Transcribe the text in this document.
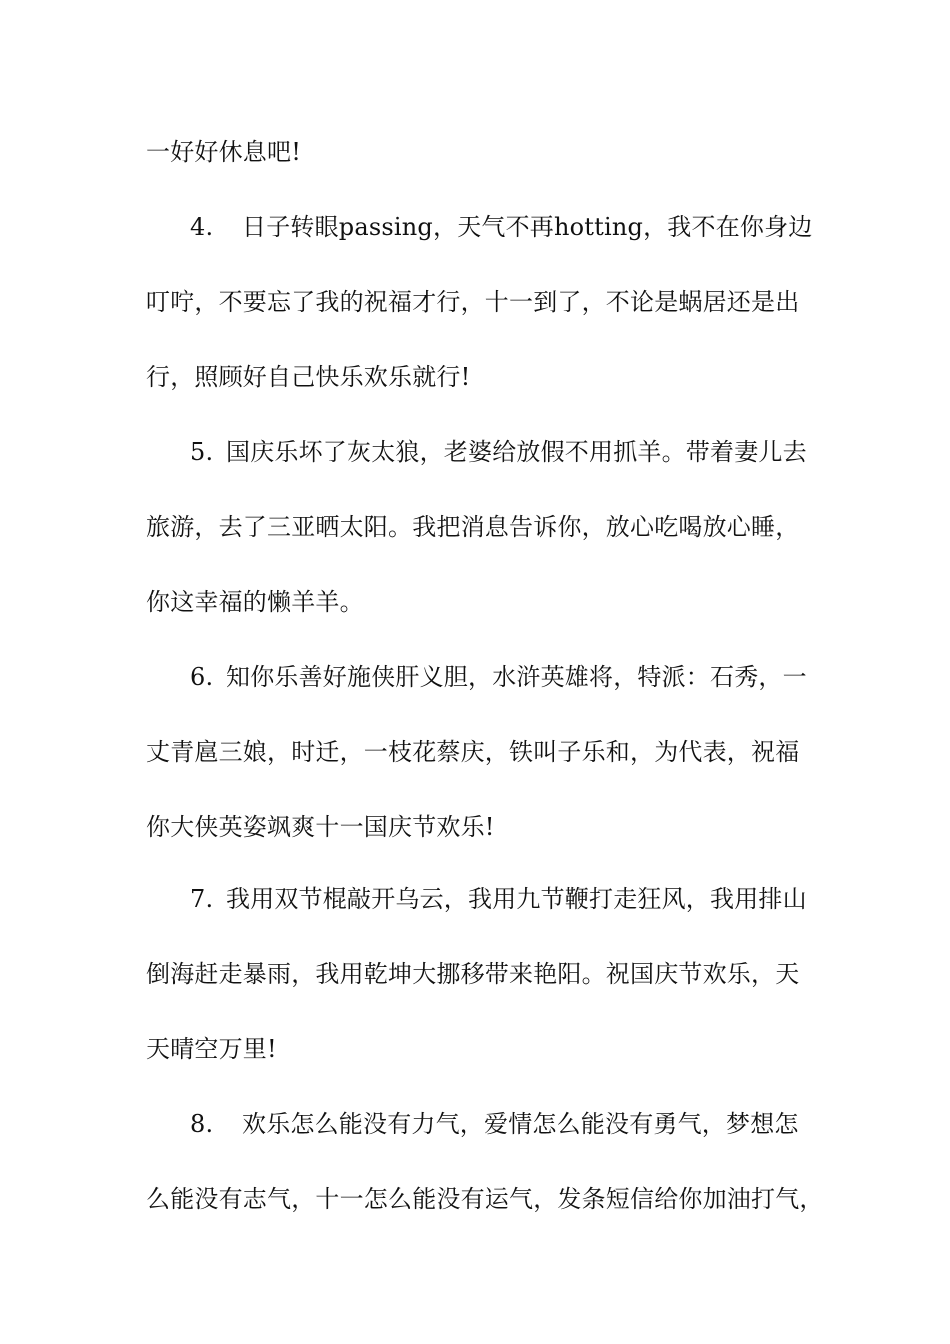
一好好休息吧!
4. 日子转眼passing，天气不再hotting，我不在你身边
叮咛，不要忘了我的祝福才行，十一到了，不论是蜗居还是出
行，照顾好自己快乐欢乐就行!
5. 国庆乐坏了灰太狼，老婆给放假不用抓羊。带着妻儿去
旅游，去了三亚晒太阳。我把消息告诉你，放心吃喝放心睡，
你这幸福的懒羊羊。
6. 知你乐善好施侠肝义胆，水浒英雄将，特派：石秀，一
丈青扈三娘，时迁，一枝花蔡庆，铁叫子乐和，为代表，祝福
你大侠英姿飒爽十一国庆节欢乐!
7. 我用双节棍敲开乌云，我用九节鞭打走狂风，我用排山
倒海赶走暴雨，我用乾坤大挪移带来艳阳。祝国庆节欢乐，天
天晴空万里!
8. 欢乐怎么能没有力气，爱情怎么能没有勇气，梦想怎
么能没有志气，十一怎么能没有运气，发条短信给你加油打气，
